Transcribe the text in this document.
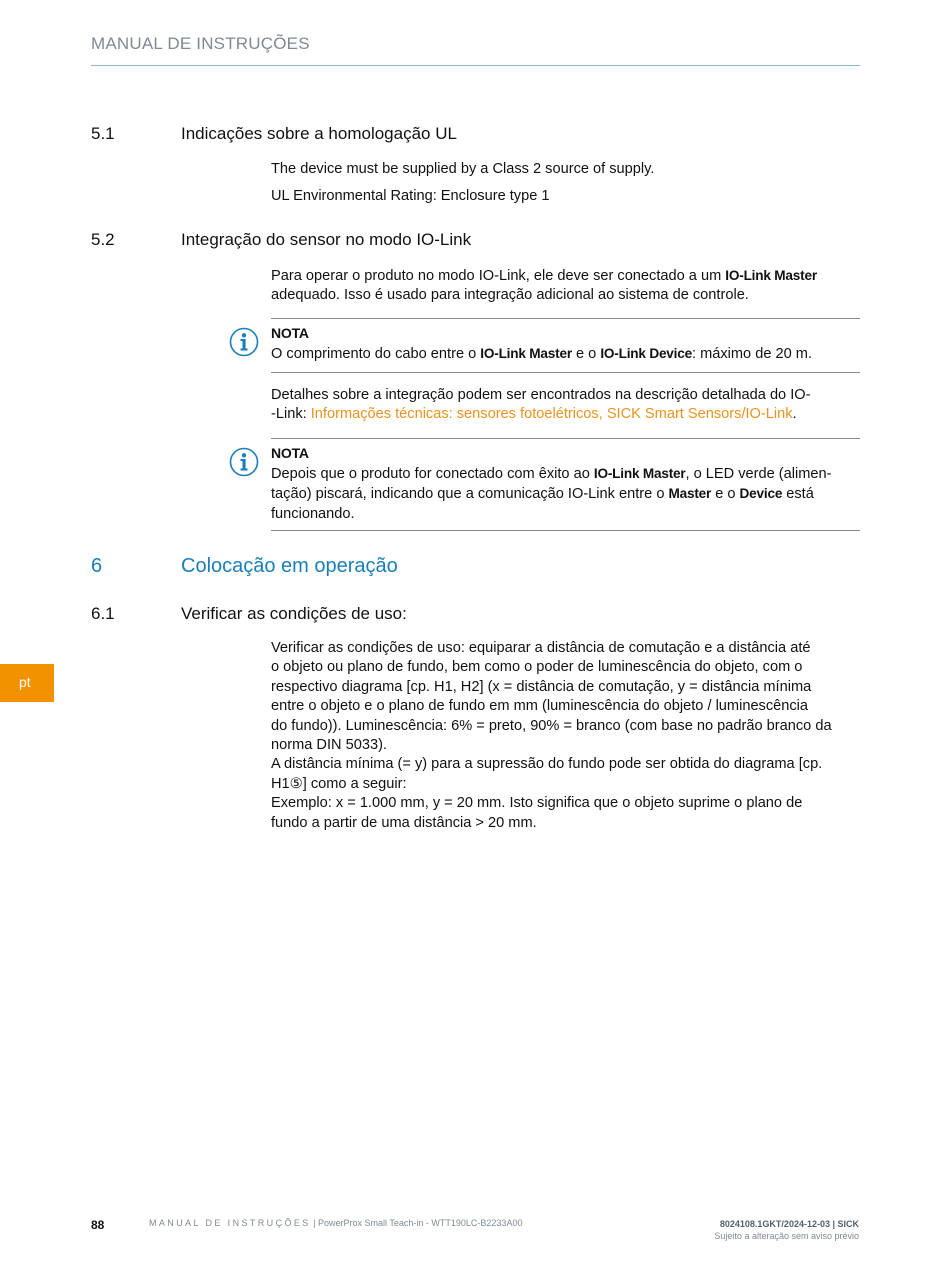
MANUAL DE INSTRUÇÕES
5.1	Indicações sobre a homologação UL
The device must be supplied by a Class 2 source of supply.
UL Environmental Rating: Enclosure type 1
5.2	Integração do sensor no modo IO-Link
Para operar o produto no modo IO-Link, ele deve ser conectado a um IO-Link Master adequado. Isso é usado para integração adicional ao sistema de controle.
NOTA
O comprimento do cabo entre o IO-Link Master e o IO-Link Device: máximo de 20 m.

Detalhes sobre a integração podem ser encontrados na descrição detalhada do IO-

-Link: Informações técnicas: sensores fotoelétricos, SICK Smart Sensors/IO-Link.

NOTA

Depois que o produto for conectado com êxito ao IO-Link Master, o LED verde (alimen-

tação) piscará, indicando que a comunicação IO-Link entre o Master e o Device está

funcionando.

6	Colocação em operação
6.1	Verificar as condições de uso:

Verificar as condições de uso: equiparar a distância de comutação e a distância até

o objeto ou plano de fundo, bem como o poder de luminescência do objeto, com o

respectivo diagrama [cp. H1, H2] (x = distância de comutação, y = distância mínima

entre o objeto e o plano de fundo em mm (luminescência do objeto / luminescência

do fundo)). Luminescência: 6% = preto, 90% = branco (com base no padrão branco da

norma DIN 5033).

A distância mínima (= y) para a supressão do fundo pode ser obtida do diagrama [cp.

H1⑤] como a seguir:

Exemplo: x = 1.000 mm, y = 20 mm. Isto significa que o objeto suprime o plano de

fundo a partir de uma distância > 20 mm.

pt
88	MANUAL DE INSTRUÇÕES | PowerProx Small Teach-in - WTT190LC-B2233A00	8024108.1GKT/2024-12-03 | SICK
Sujeito a alteração sem aviso prévio
